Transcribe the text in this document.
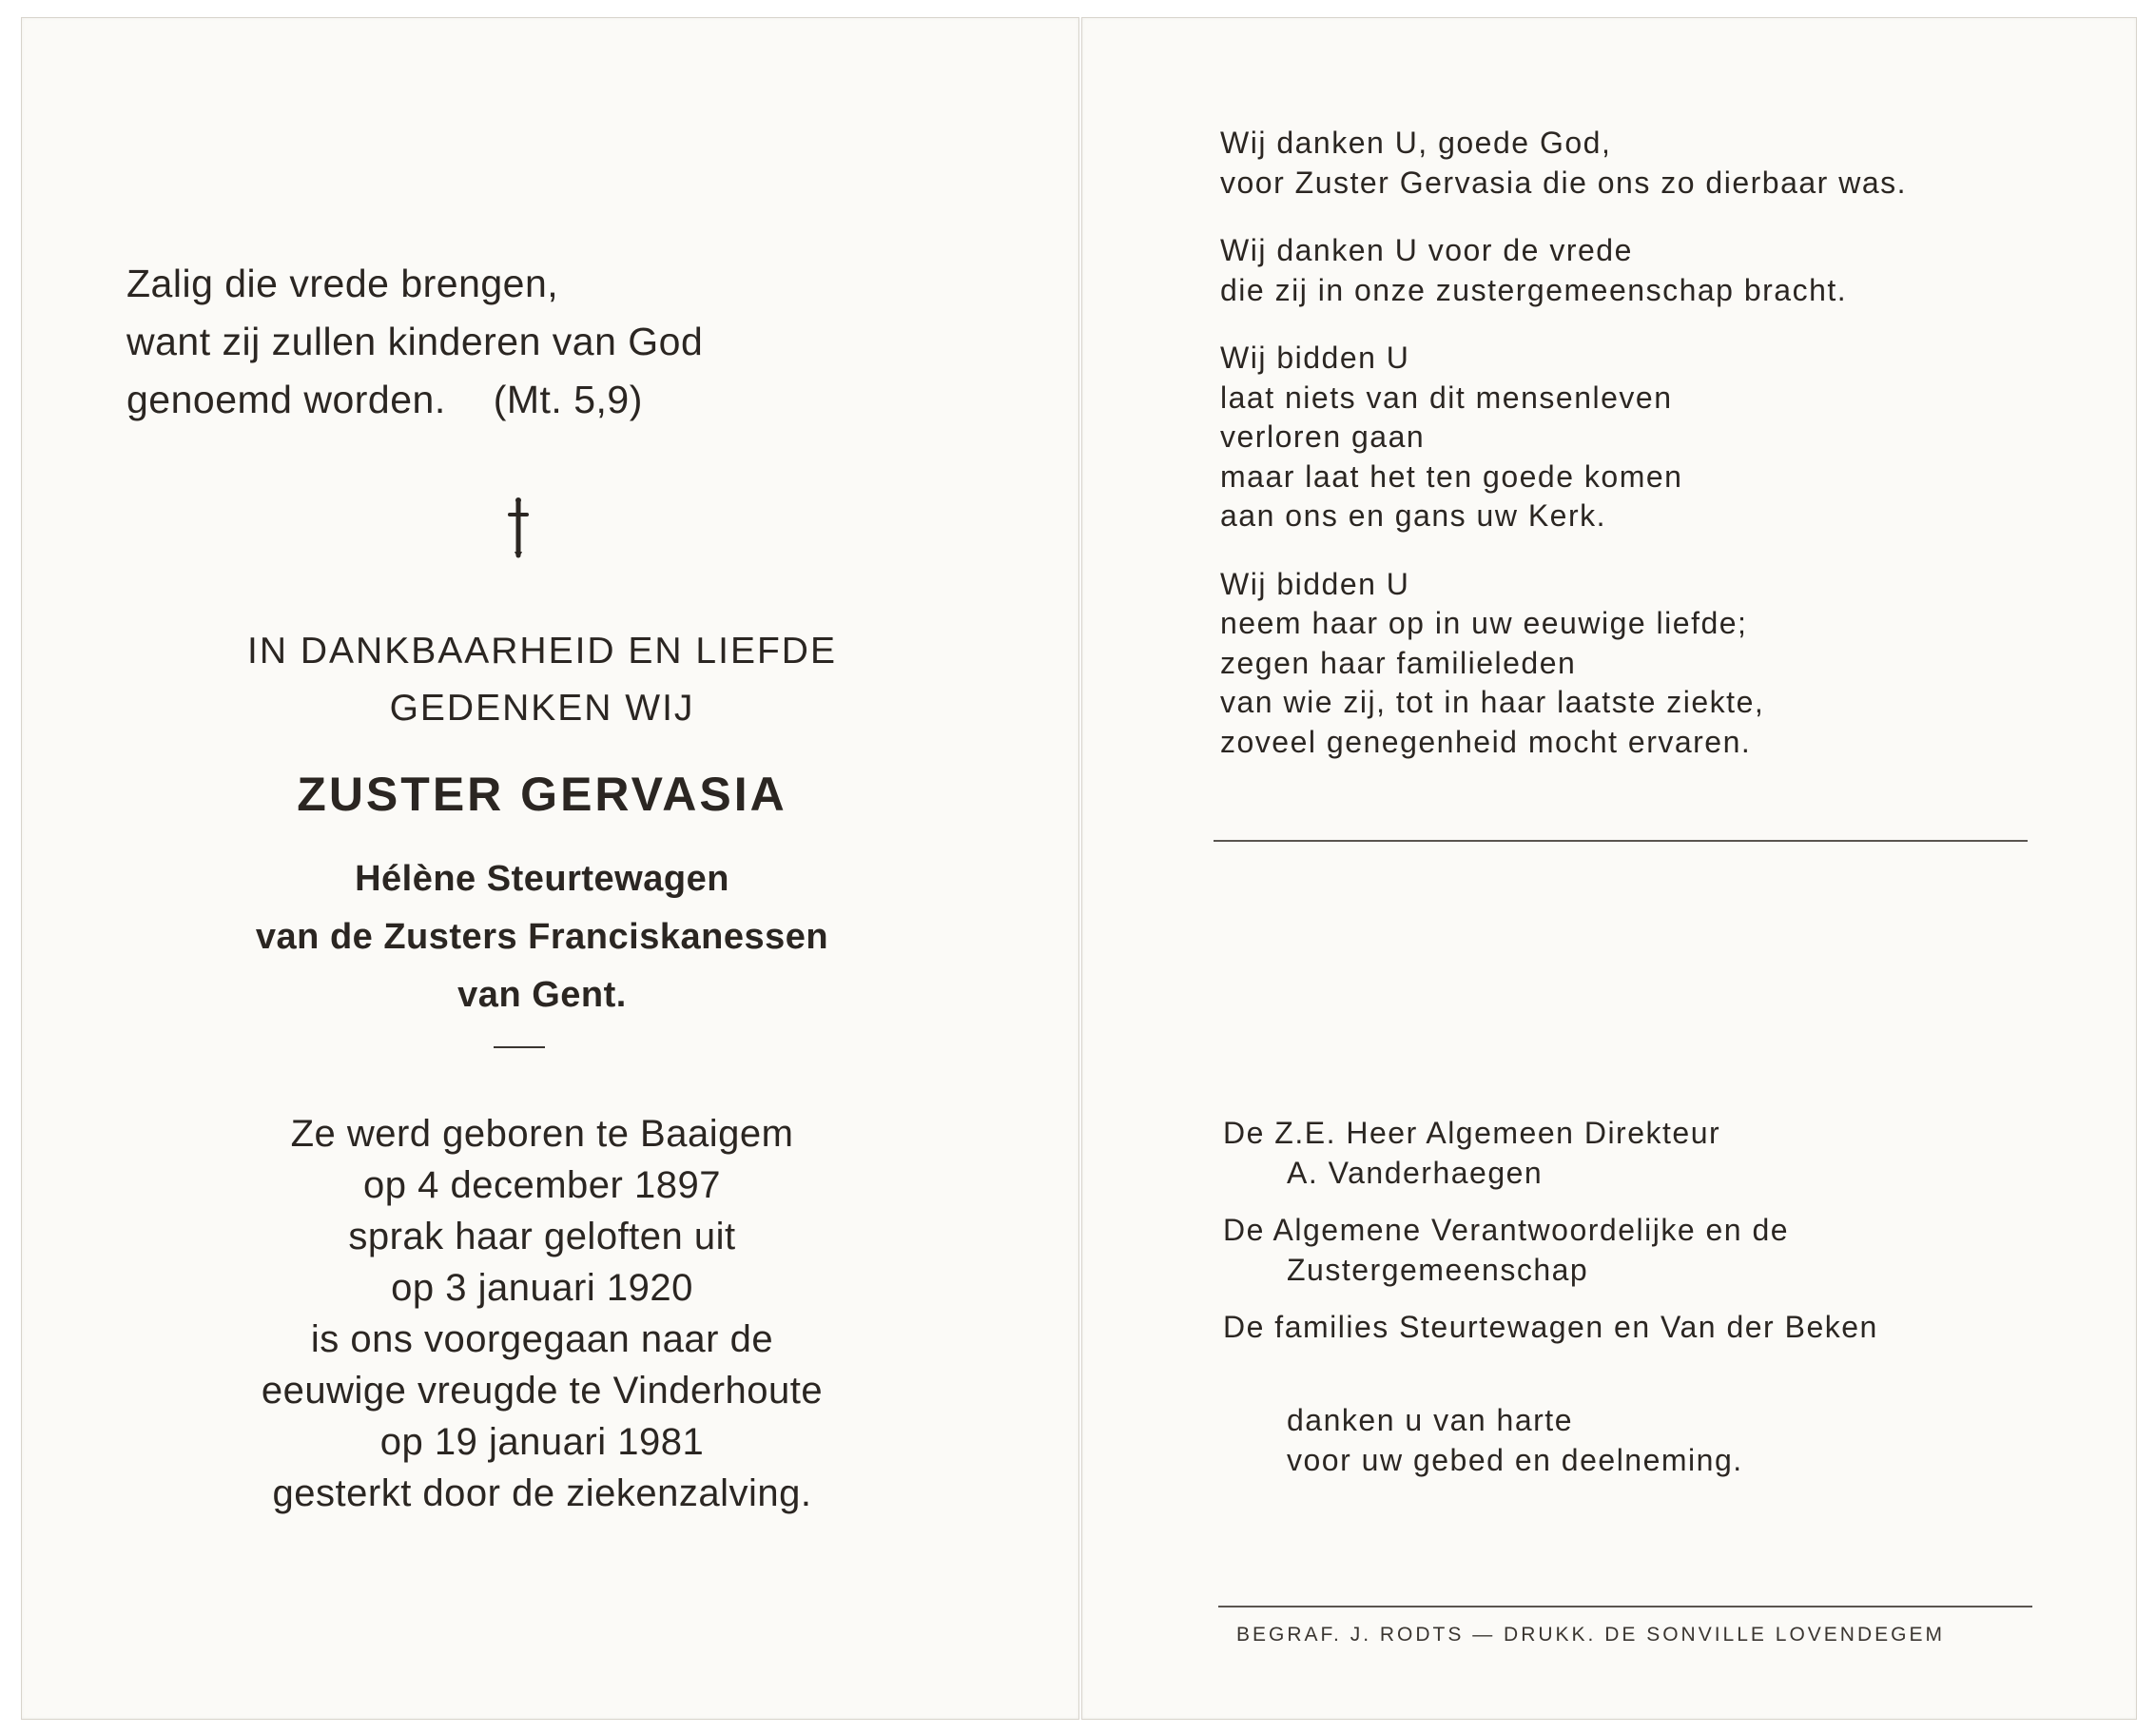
Zalig die vrede brengen,
want zij zullen kinderen van God
genoemd worden. (Mt. 5,9)
IN DANKBAARHEID EN LIEFDE
GEDENKEN WIJ
ZUSTER GERVASIA
Hélène Steurtewagen
van de Zusters Franciskanessen
van Gent.
Ze werd geboren te Baaigem
op 4 december 1897
sprak haar geloften uit
op 3 januari 1920
is ons voorgegaan naar de
eeuwige vreugde te Vinderhoute
op 19 januari 1981
gesterkt door de ziekenzalving.
Wij danken U, goede God,
voor Zuster Gervasia die ons zo dierbaar was.
Wij danken U voor de vrede
die zij in onze zustergemeenschap bracht.
Wij bidden U
laat niets van dit mensenleven
verloren gaan
maar laat het ten goede komen
aan ons en gans uw Kerk.
Wij bidden U
neem haar op in uw eeuwige liefde;
zegen haar familieleden
van wie zij, tot in haar laatste ziekte,
zoveel genegenheid mocht ervaren.
De Z.E. Heer Algemeen Direkteur
A. Vanderhaegen
De Algemene Verantwoordelijke en de
Zustergemeenschap
De families Steurtewagen en Van der Beken
danken u van harte
voor uw gebed en deelneming.
BEGRAF. J. RODTS — DRUKK. DE SONVILLE LOVENDEGEM
